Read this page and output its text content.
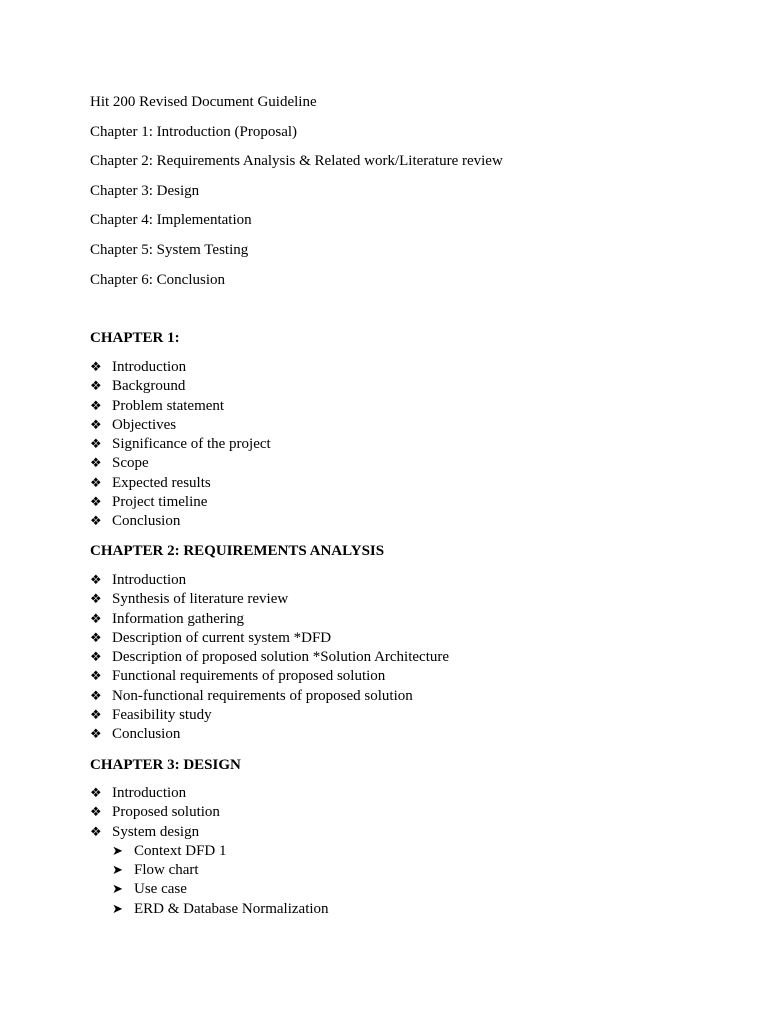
Hit 200 Revised Document Guideline
Chapter 1: Introduction (Proposal)
Chapter 2: Requirements Analysis & Related work/Literature review
Chapter 3: Design
Chapter 4: Implementation
Chapter 5: System Testing
Chapter 6: Conclusion
CHAPTER 1:
❖ Introduction
❖ Background
❖ Problem statement
❖ Objectives
❖ Significance of the project
❖ Scope
❖ Expected results
❖ Project timeline
❖ Conclusion
CHAPTER 2: REQUIREMENTS ANALYSIS
❖ Introduction
❖ Synthesis of literature review
❖ Information gathering
❖ Description of current system *DFD
❖ Description of proposed solution *Solution Architecture
❖ Functional requirements of proposed solution
❖ Non-functional requirements of proposed solution
❖ Feasibility study
❖ Conclusion
CHAPTER 3: DESIGN
❖ Introduction
❖ Proposed solution
❖ System design
➤ Context DFD 1
➤ Flow chart
➤ Use case
➤ ERD & Database Normalization
